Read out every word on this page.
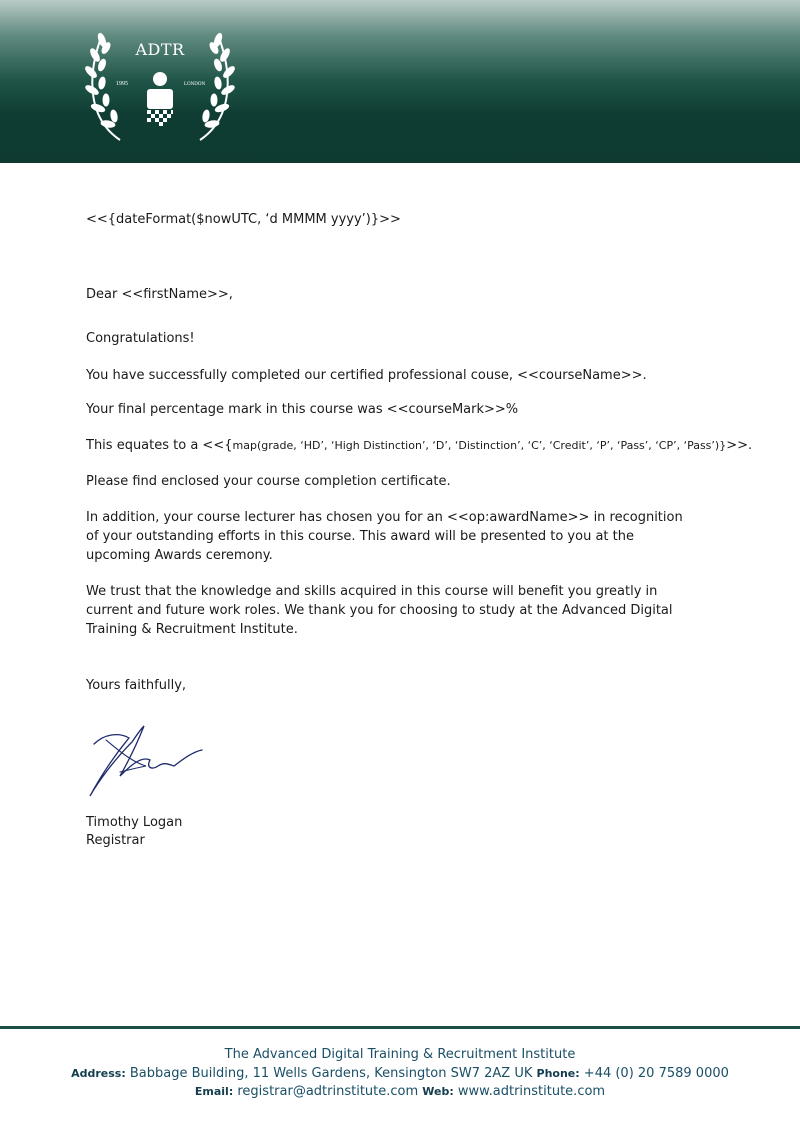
ADTR
1995	LONDON

<<{dateFormat($nowUTC, ‘d MMMM yyyy’)}>>

Dear <<firstName>>,

Congratulations!

You have successfully completed our certified professional couse, <<courseName>>.

Your final percentage mark in this course was <<courseMark>>%

This equates to a <<{map(grade, ‘HD’, ‘High Distinction’, ‘D’, ‘Distinction’, ‘C’, ‘Credit’, ‘P’, ‘Pass’, ‘CP’, ‘Pass’)}>>.

Please find enclosed your course completion certificate.

In addition, your course lecturer has chosen you for an <<op:awardName>> in recognition of your outstanding efforts in this course. This award will be presented to you at the upcoming Awards ceremony.

We trust that the knowledge and skills acquired in this course will benefit you greatly in current and future work roles. We thank you for choosing to study at the Advanced Digital Training & Recruitment Institute.

Yours faithfully,

Timothy Logan

Registrar

The Advanced Digital Training & Recruitment Institute
Address: Babbage Building, 11 Wells Gardens, Kensington SW7 2AZ UK Phone: +44 (0) 20 7589 0000
Email: registrar@adtrinstitute.com Web: www.adtrinstitute.com
